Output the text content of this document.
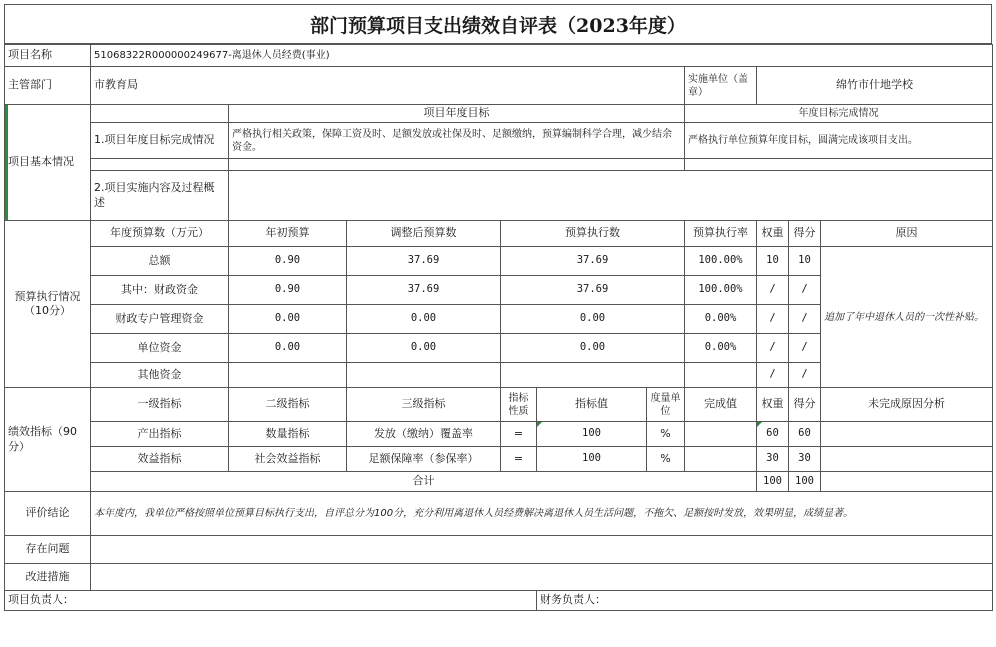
部门预算项目支出绩效自评表（2023年度）
项目名称	51068322R000000249677-离退休人员经费(事业)									
主管部门	市教育局						实施单位（盖章）	绵竹市什地学校		
项目基本情况		项目年度目标					年度目标完成情况			
	1.项目年度目标完成情况	严格执行相关政策，保障工资及时、足额发放或社保及时、足额缴纳，预算编制科学合理，减少结余资金。					严格执行单位预算年度目标，圆满完成该项目支出。			

	2.项目实施内容及过程概述									
预算执行情况（10分）	年度预算数（万元）	年初预算	调整后预算数	预算执行数			预算执行率	权重	得分	原因
	总额	0.90	37.69	37.69			100.00%	10	10	追加了年中退休人员的一次性补贴。
	其中：财政资金	0.90	37.69	37.69			100.00%	/	/	
	财政专户管理资金	0.00	0.00	0.00			0.00%	/	/	
	单位资金	0.00	0.00	0.00			0.00%	/	/	
	其他资金							/	/	
绩效指标（90分）	一级指标	二级指标	三级指标	指标性质	指标值	度量单位	完成值	权重	得分	未完成原因分析
	产出指标	数量指标	发放（缴纳）覆盖率	=	100	%		60	60	
	效益指标	社会效益指标	足额保障率（参保率）	=	100	%		30	30	
	合计							100	100	
评价结论	本年度内，我单位严格按照单位预算目标执行支出，自评总分为100分，充分利用离退休人员经费解决离退休人员生活问题，不拖欠、足额按时发放，效果明显，成绩显著。									
存在问题										
改进措施										
项目负责人：					财务负责人：					
